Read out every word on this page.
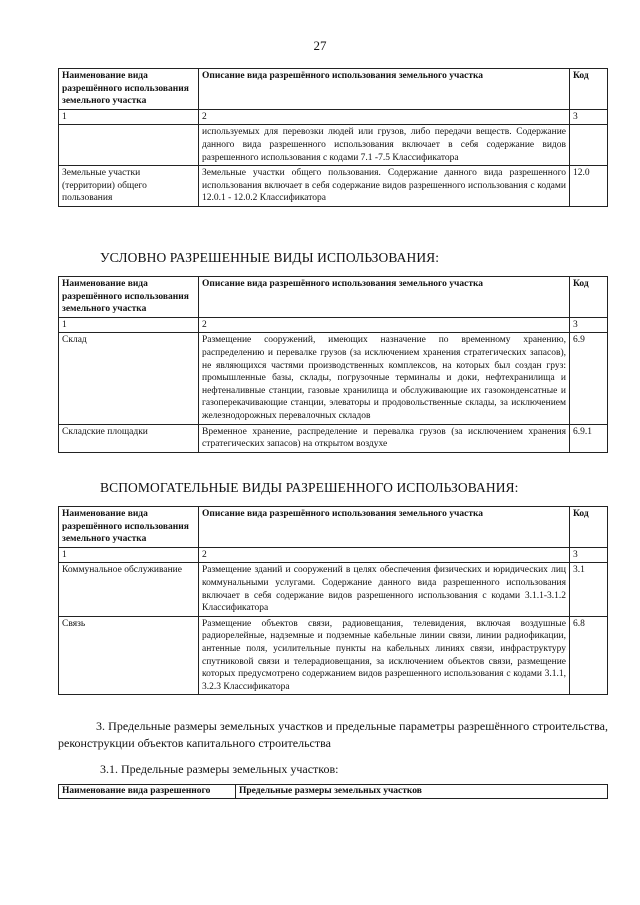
27
Наименование вида разрешённого использования земельного участка	Описание вида разрешённого использования земельного участка	Код
1	2	3
	используемых для перевозки людей или грузов, либо передачи веществ. Содержание данного вида разрешенного использования включает в себя содержание видов разрешенного использования с кодами 7.1 -7.5 Классификатора	
Земельные участки (территории) общего пользования	Земельные участки общего пользования. Содержание данного вида разрешенного использования включает в себя содержание видов разрешенного использования с кодами 12.0.1 - 12.0.2 Классификатора	12.0
УСЛОВНО РАЗРЕШЕННЫЕ ВИДЫ ИСПОЛЬЗОВАНИЯ:
Наименование вида разрешённого использования земельного участка	Описание вида разрешённого использования земельного участка	Код
1	2	3
Склад	Размещение сооружений, имеющих назначение по временному хранению, распределению и перевалке грузов (за исключением хранения стратегических запасов), не являющихся частями производственных комплексов, на которых был создан груз: промышленные базы, склады, погрузочные терминалы и доки, нефтехранилища и нефтеналивные станции, газовые хранилища и обслуживающие их газоконденсатные и газоперекачивающие станции, элеваторы и продовольственные склады, за исключением железнодорожных перевалочных складов	6.9
Складские площадки	Временное хранение, распределение и перевалка грузов (за исключением хранения стратегических запасов) на открытом воздухе	6.9.1
ВСПОМОГАТЕЛЬНЫЕ ВИДЫ РАЗРЕШЕННОГО ИСПОЛЬЗОВАНИЯ:
Наименование вида разрешённого использования земельного участка	Описание вида разрешённого использования земельного участка	Код
1	2	3
Коммунальное обслуживание	Размещение зданий и сооружений в целях обеспечения физических и юридических лиц коммунальными услугами. Содержание данного вида разрешенного использования включает в себя содержание видов разрешенного использования с кодами 3.1.1-3.1.2 Классификатора	3.1
Связь	Размещение объектов связи, радиовещания, телевидения, включая воздушные радиорелейные, надземные и подземные кабельные линии связи, линии радиофикации, антенные поля, усилительные пункты на кабельных линиях связи, инфраструктуру спутниковой связи и телерадиовещания, за исключением объектов связи, размещение которых предусмотрено содержанием видов разрешенного использования с кодами 3.1.1, 3.2.3 Классификатора	6.8
3. Предельные размеры земельных участков и предельные параметры разрешённого строительства, реконструкции объектов капитального строительства
3.1. Предельные размеры земельных участков:
Наименование вида разрешенного	Предельные размеры земельных участков
